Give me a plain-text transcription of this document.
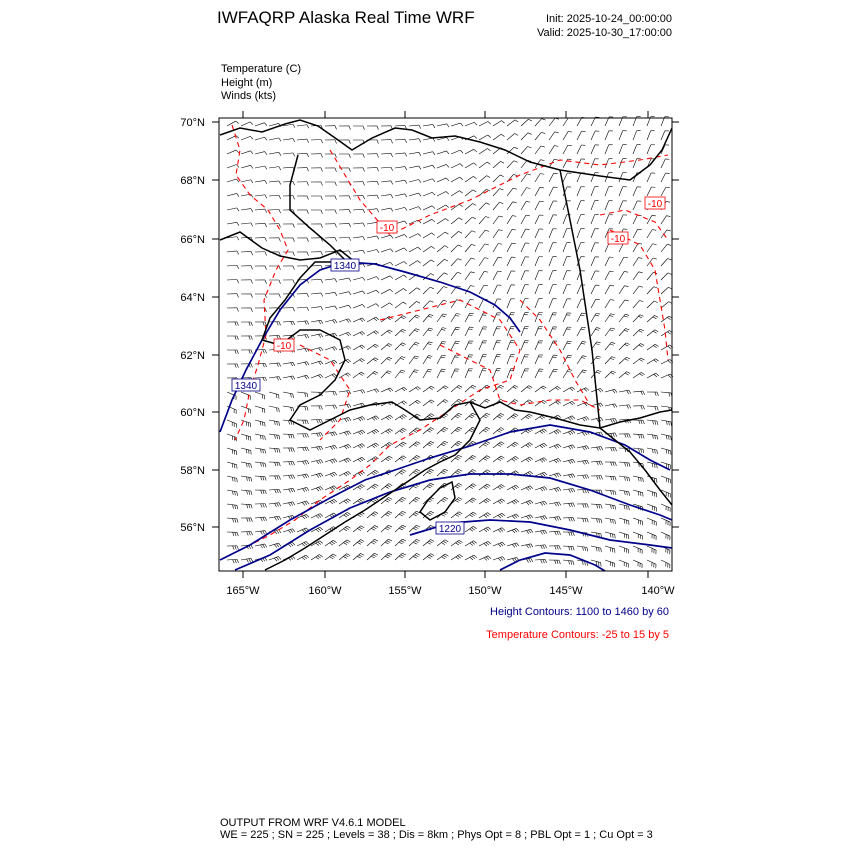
IWFAQRP Alaska Real Time WRF	Init: 2025-10-24_00:00:00
Valid: 2025-10-30_17:00:00
Temperature (C)
Height (m)
Winds (kts)
70°N
68°N
66°N
64°N
62°N
60°N
58°N
56°N
165°W	160°W	155°W	150°W	145°W	140°W
1340
1340
1220
-10
-10
-10
-10
Height Contours: 1100 to 1460 by 60
Temperature Contours: -25 to 15 by 5
OUTPUT FROM WRF V4.6.1 MODEL
WE = 225 ; SN = 225 ; Levels = 38 ; Dis = 8km ; Phys Opt = 8 ; PBL Opt = 1 ; Cu Opt = 3
